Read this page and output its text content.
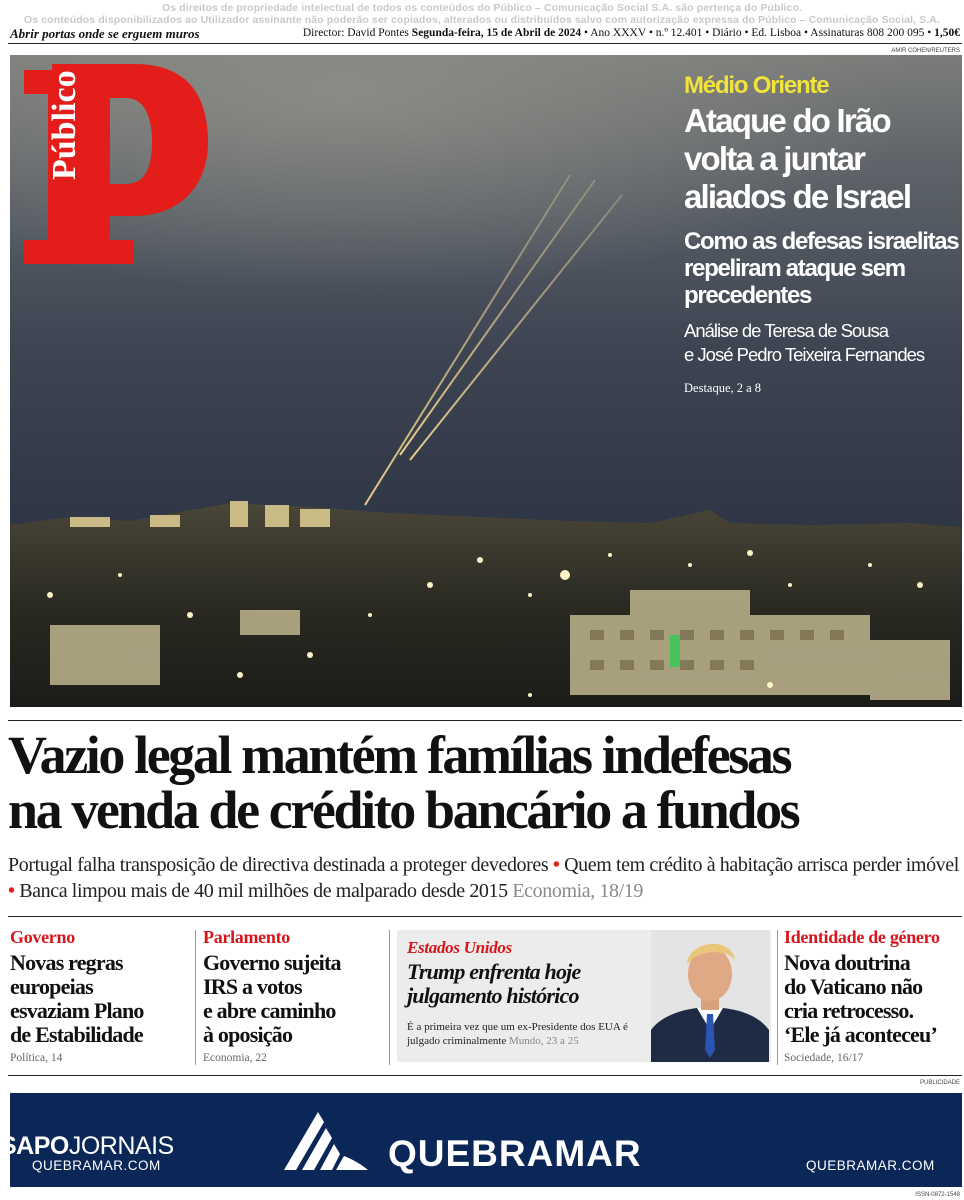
Os direitos de propriedade intelectual de todos os conteúdos do Público – Comunicação Social S.A. são pertença do Público.
Os conteúdos disponibilizados ao Utilizador assinante não poderão ser copiados, alterados ou distribuídos salvo com autorização expressa do Público – Comunicação Social, S.A.
Abrir portas onde se erguem muros	Director: David Pontes Segunda-feira, 15 de Abril de 2024 • Ano XXXV • n.º 12.401 • Diário • Ed. Lisboa • Assinaturas 808 200 095 • 1,50€
AMIR COHEN/REUTERS
Público	Médio Oriente
Ataque do Irão
volta a juntar
aliados de Israel
Como as defesas israelitas
repeliram ataque sem
precedentes
Análise de Teresa de Sousa
e José Pedro Teixeira Fernandes
Destaque, 2 a 8
Vazio legal mantém famílias indefesas
na venda de crédito bancário a fundos
Portugal falha transposição de directiva destinada a proteger devedores • Quem tem crédito à habitação arrisca perder imóvel • Banca limpou mais de 40 mil milhões de malparado desde 2015 Economia, 18/19
Governo
Novas regras
europeias
esvaziam Plano
de Estabilidade
Política, 14
Parlamento
Governo sujeita
IRS a votos
e abre caminho
à oposição
Economia, 22
Estados Unidos
Trump enfrenta hoje
julgamento histórico
É a primeira vez que um ex-Presidente dos EUA é julgado criminalmente Mundo, 23 a 25
Identidade de género
Nova doutrina
do Vaticano não
cria retrocesso.
‘Ele já aconteceu’
Sociedade, 16/17
PUBLICIDADE
SAPOJORNAIS
QUEBRAMAR.COM	QUEBRAMAR	QUEBRAMAR.COM
ISSN-0872-1548
